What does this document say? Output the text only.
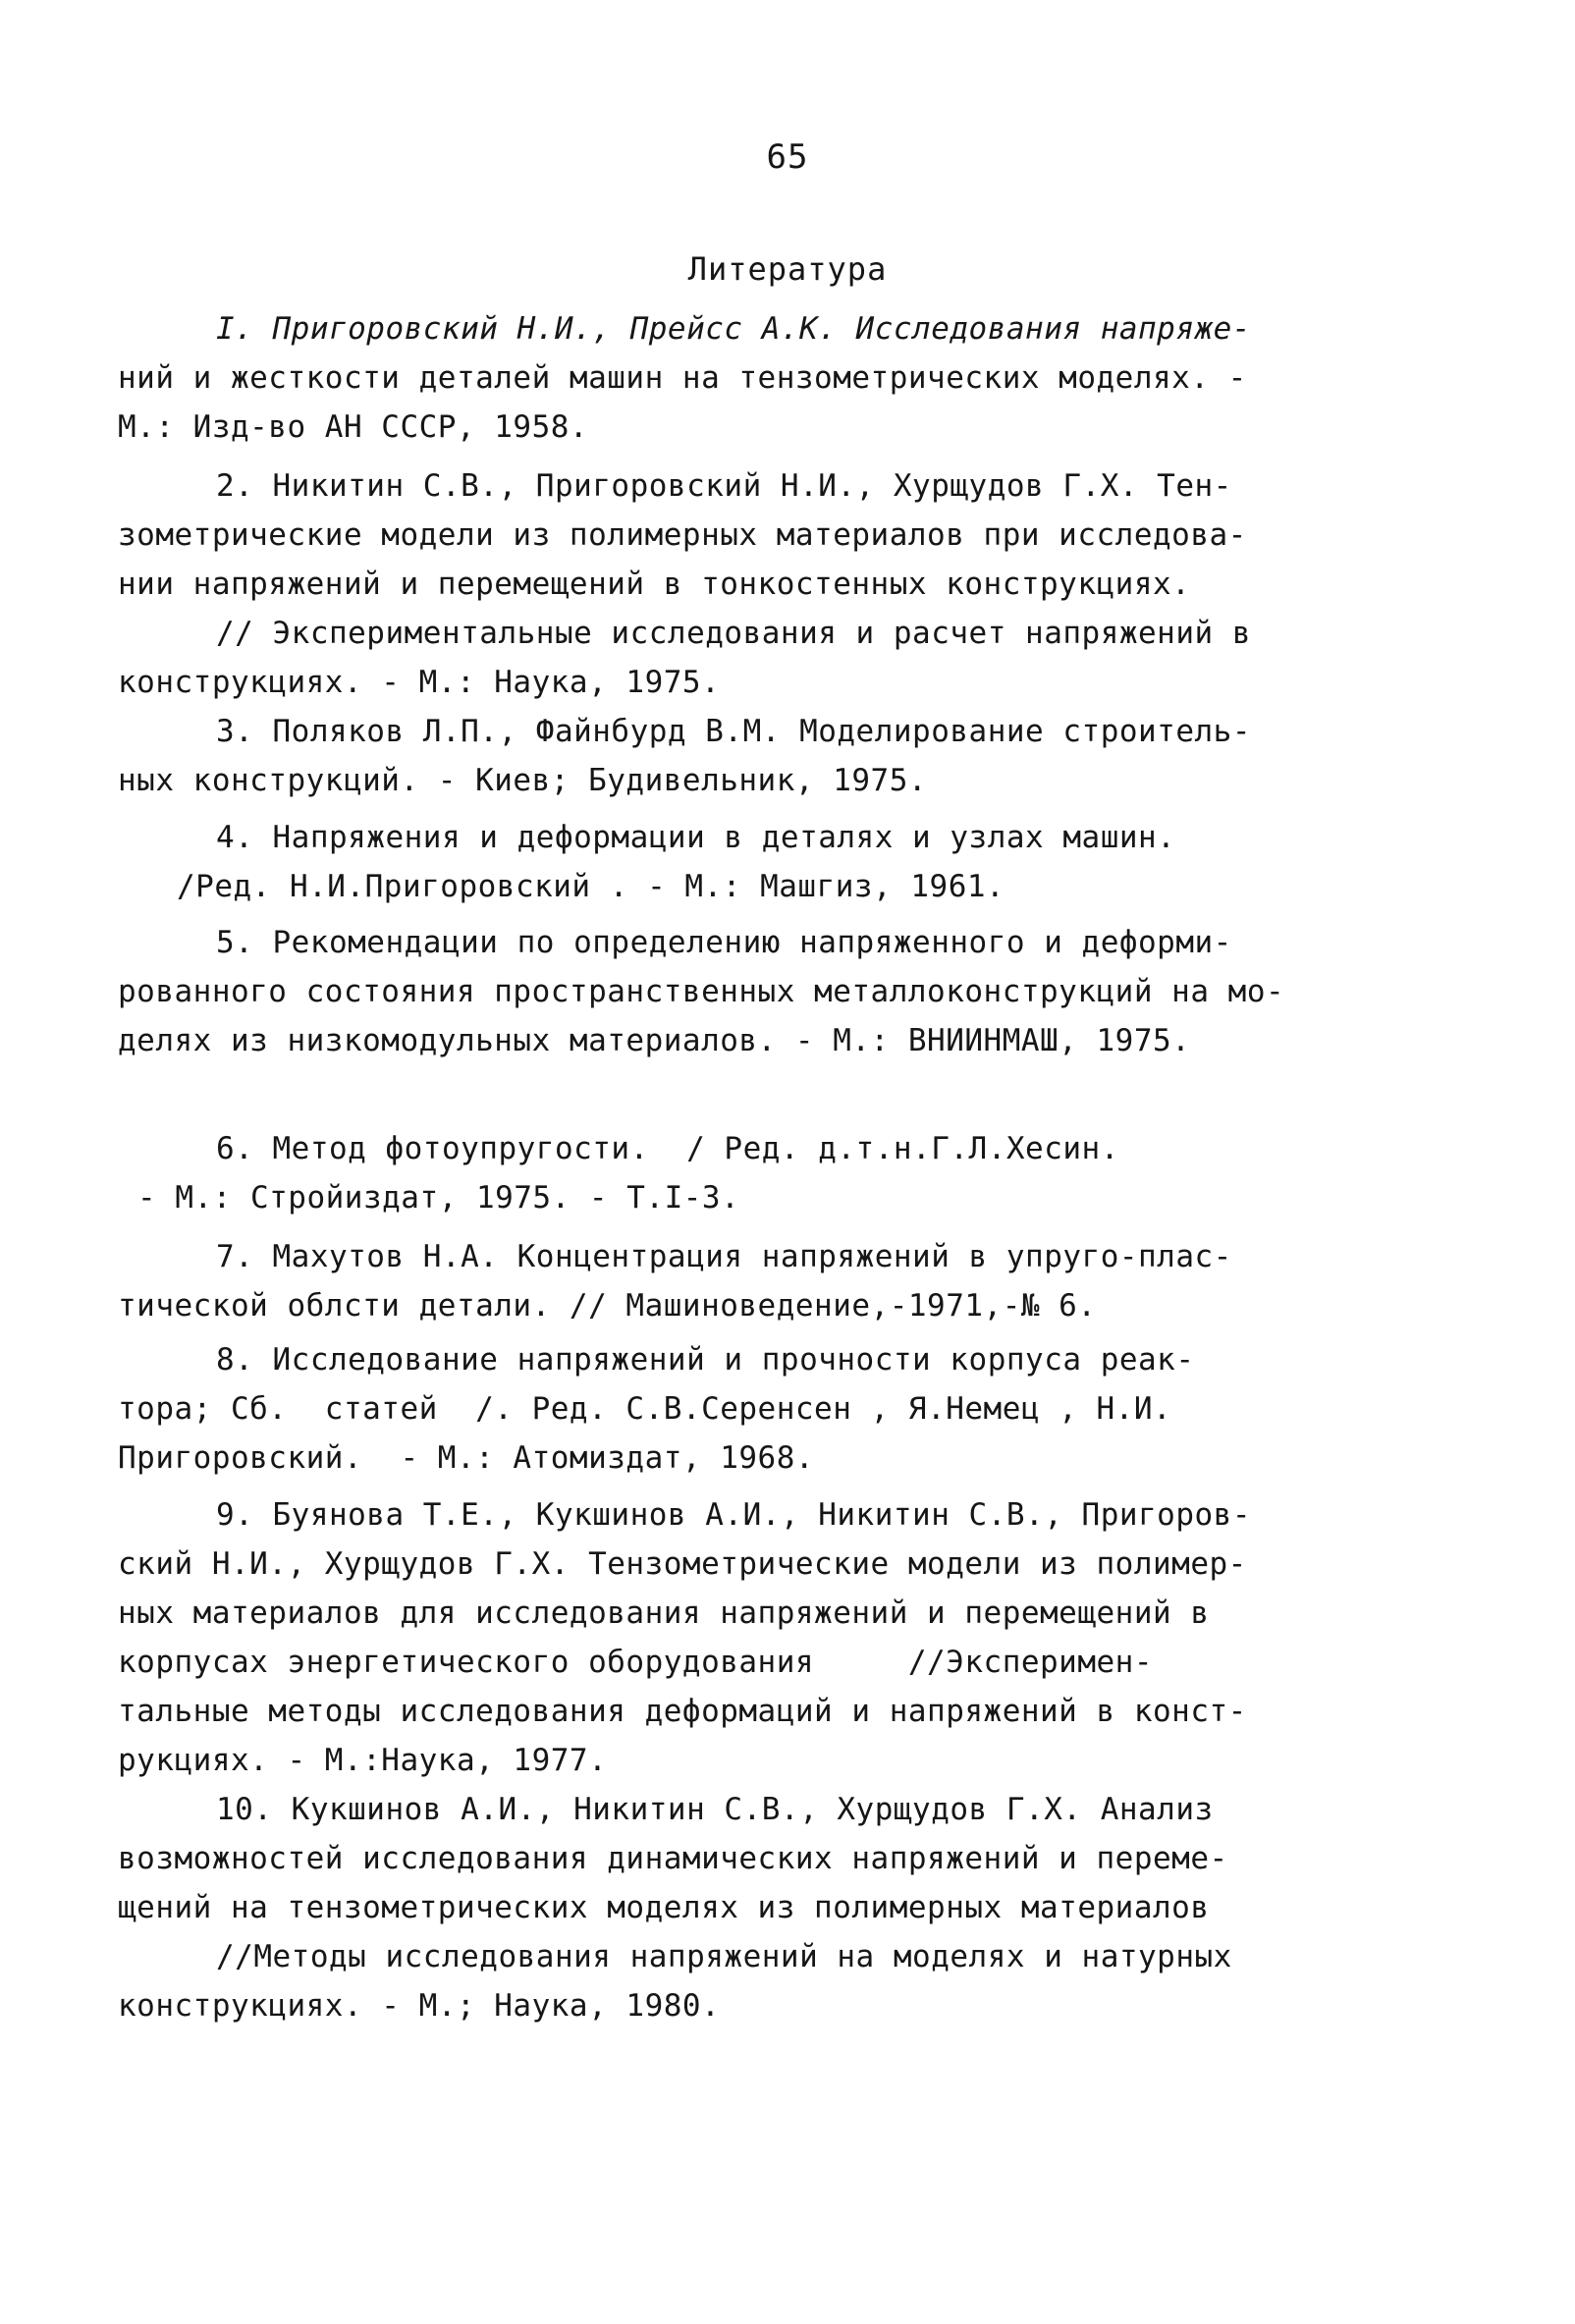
65
Литература
I. Пригоровский Н.И., Прейсс А.К. Исследования напряже-
ний и жесткости деталей машин на тензометрических моделях. -
М.: Изд-во АН СССР, 1958.
2. Никитин С.В., Пригоровский Н.И., Хурщудов Г.Х. Тен-
зометрические модели из полимерных материалов при исследова-
нии напряжений и перемещений в тонкостенных конструкциях.
// Экспериментальные исследования и расчет напряжений в
конструкциях. - М.: Наука, 1975.
3. Поляков Л.П., Файнбурд В.М. Моделирование строитель-
ных конструкций. - Киев; Будивельник, 1975.
4. Напряжения и деформации в деталях и узлах машин.
/Ред. Н.И.Пригоровский . - М.: Машгиз, 1961.
5. Рекомендации по определению напряженного и деформи-
рованного состояния пространственных металлоконструкций на мо-
делях из низкомодульных материалов. - М.: ВНИИНМАШ, 1975.
6. Метод фотоупругости.  / Ред. д.т.н.Г.Л.Хесин.
- М.: Стройиздат, 1975. - Т.I-3.
7. Махутов Н.А. Концентрация напряжений в упруго-плас-
тической облсти детали. // Машиноведение,-1971,-№ 6.
8. Исследование напряжений и прочности корпуса реак-
тора; Сб.  статей  /. Ред. С.В.Серенсен , Я.Немец , Н.И.
Пригоровский.  - М.: Атомиздат, 1968.
9. Буянова Т.Е., Кукшинов А.И., Никитин С.В., Пригоров-
ский Н.И., Хурщудов Г.Х. Тензометрические модели из полимер-
ных материалов для исследования напряжений и перемещений в
корпусах энергетического оборудования     //Эксперимен-
тальные методы исследования деформаций и напряжений в конст-
рукциях. - М.:Наука, 1977.
10. Кукшинов А.И., Никитин С.В., Хурщудов Г.Х. Анализ
возможностей исследования динамических напряжений и переме-
щений на тензометрических моделях из полимерных материалов
//Методы исследования напряжений на моделях и натурных
конструкциях. - М.; Наука, 1980.
